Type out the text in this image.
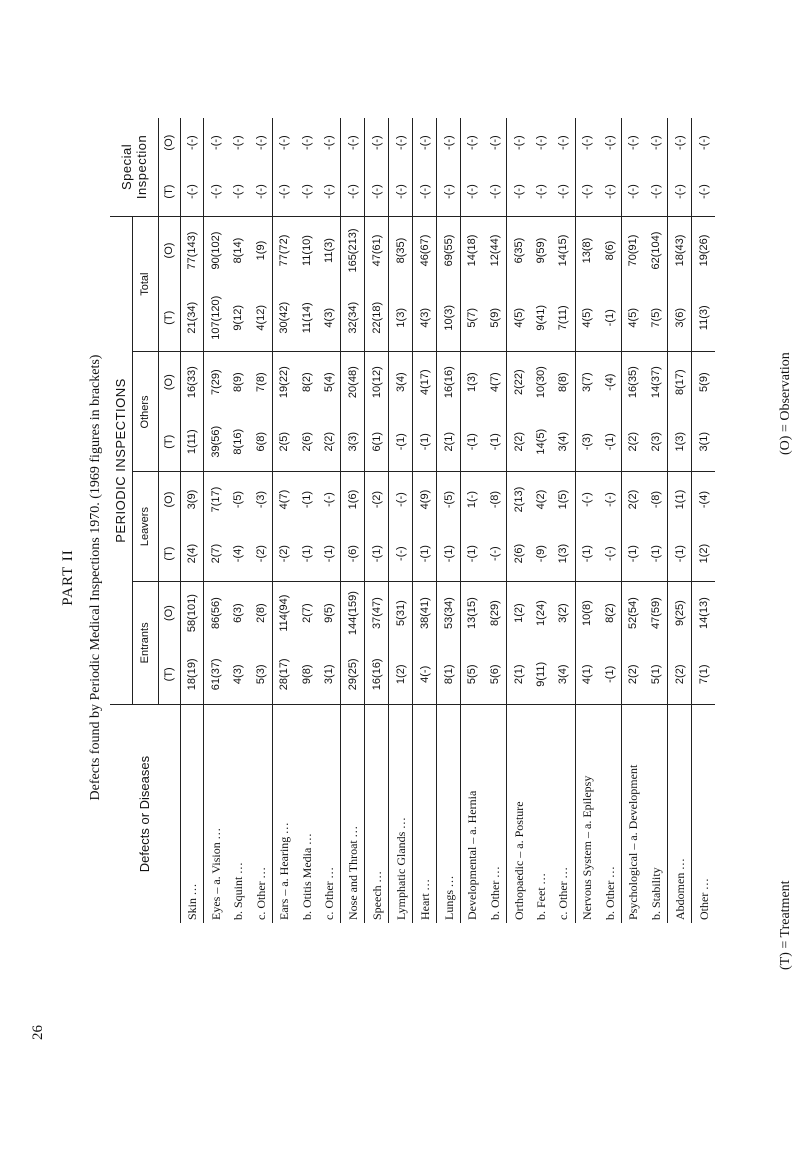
PART II Defects found by Periodic Medical Inspections 1970. (1969 figures in brackets)
Defects or Diseases	PERIODIC INSPECTIONS								Special Inspection	
	Entrants		Leavers		Others		Total			
	(T)	(O)	(T)	(O)	(T)	(O)	(T)	(O)	(T)	(O)
Skin ...	18(19)	58(101)	2(4)	3(9)	1(11)	16(33)	21(34)	77(143)	-(-)	-(-)

Eyes – a. Vision ...	61(37)	86(56)	2(7)	7(17)	39(56)	7(29)	107(120)	90(102)	-(-)	-(-)

b. Squint ...	4(3)	6(3)	-(4)	-(5)	8(16)	8(9)	9(12)	8(14)	-(-)	-(-)

c. Other ...	5(3)	2(8)	-(2)	-(3)	6(8)	7(8)	4(12)	1(9)	-(-)	-(-)

Ears – a. Hearing ...	28(17)	114(94)	-(2)	4(7)	2(5)	19(22)	30(42)	77(72)	-(-)	-(-)

b. Otitis Media ...	9(8)	2(7)	-(1)	-(1)	2(6)	8(2)	11(14)	11(10)	-(-)	-(-)

c. Other ...	3(1)	9(5)	-(1)	-(-)	2(2)	5(4)	4(3)	11(3)	-(-)	-(-)

Nose and Throat ...	29(25)	144(159)	-(6)	1(6)	3(3)	20(48)	32(34)	165(213)	-(-)	-(-)

Speech ...	16(16)	37(47)	-(1)	-(2)	6(1)	10(12)	22(18)	47(61)	-(-)	-(-)

Lymphatic Glands ...	1(2)	5(31)	-(-)	-(-)	-(1)	3(4)	1(3)	8(35)	-(-)	-(-)

Heart ...	4(-)	38(41)	-(1)	4(9)	-(1)	4(17)	4(3)	46(67)	-(-)	-(-)

Lungs ...	8(1)	53(34)	-(1)	-(5)	2(1)	16(16)	10(3)	69(55)	-(-)	-(-)

Developmental – a. Hernia	5(5)	13(15)	-(1)	1(-)	-(1)	1(3)	5(7)	14(18)	-(-)	-(-)

b. Other ...	5(6)	8(29)	-(-)	-(8)	-(1)	4(7)	5(9)	12(44)	-(-)	-(-)

Orthopaedic – a. Posture	2(1)	1(2)	2(6)	2(13)	2(2)	2(22)	4(5)	6(35)	-(-)	-(-)

b. Feet ...	9(11)	1(24)	-(9)	4(2)	14(5)	10(30)	9(41)	9(59)	-(-)	-(-)

c. Other ...	3(4)	3(2)	1(3)	1(5)	3(4)	8(8)	7(11)	14(15)	-(-)	-(-)

Nervous System – a. Epilepsy	4(1)	10(8)	-(1)	-(-)	-(3)	3(7)	4(5)	13(8)	-(-)	-(-)

b. Other ...	-(1)	8(2)	-(-)	-(-)	-(1)	-(4)	-(1)	8(6)	-(-)	-(-)

Psychological – a. Development	2(2)	52(54)	-(1)	2(2)	2(2)	16(35)	4(5)	70(91)	-(-)	-(-)

b. Stability	5(1)	47(59)	-(1)	-(8)	2(3)	14(37)	7(5)	62(104)	-(-)	-(-)

Abdomen ...	2(2)	9(25)	-(1)	1(1)	1(3)	8(17)	3(6)	18(43)	-(-)	-(-)

Other ...	7(1)	14(13)	1(2)	-(4)	3(1)	5(9)	11(3)	19(26)	-(-)	-(-)
26
(T) = Treatment
(O) = Observation
